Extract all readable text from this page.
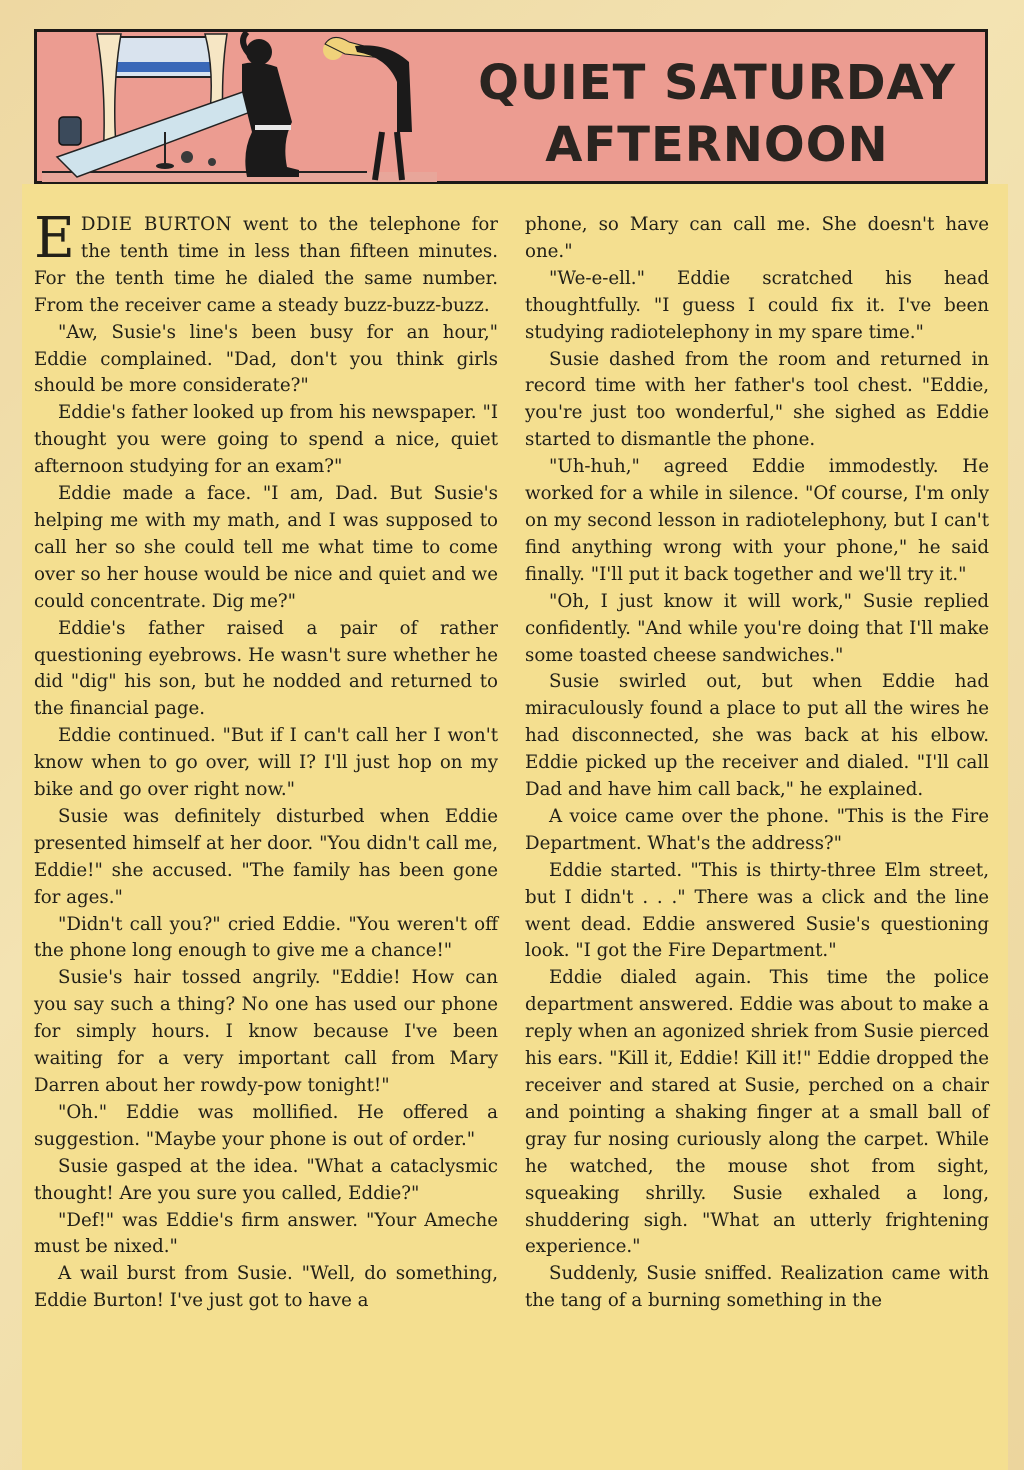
QUIET SATURDAY
AFTERNOON

EDDIE BURTON went to the telephone for the tenth time in less than fifteen minutes. For the tenth time he dialed the same number. From the receiver came a steady buzz-buzz-buzz.

"Aw, Susie's line's been busy for an hour," Eddie complained. "Dad, don't you think girls should be more considerate?"

Eddie's father looked up from his newspaper. "I thought you were going to spend a nice, quiet afternoon studying for an exam?"

Eddie made a face. "I am, Dad. But Susie's helping me with my math, and I was supposed to call her so she could tell me what time to come over so her house would be nice and quiet and we could concentrate. Dig me?"

Eddie's father raised a pair of rather questioning eyebrows. He wasn't sure whether he did "dig" his son, but he nodded and returned to the financial page.

Eddie continued. "But if I can't call her I won't know when to go over, will I? I'll just hop on my bike and go over right now."

Susie was definitely disturbed when Eddie presented himself at her door. "You didn't call me, Eddie!" she accused. "The family has been gone for ages."

"Didn't call you?" cried Eddie. "You weren't off the phone long enough to give me a chance!"

Susie's hair tossed angrily. "Eddie! How can you say such a thing? No one has used our phone for simply hours. I know because I've been waiting for a very important call from Mary Darren about her rowdy-pow tonight!"

"Oh." Eddie was mollified. He offered a suggestion. "Maybe your phone is out of order."

Susie gasped at the idea. "What a cataclysmic thought! Are you sure you called, Eddie?"

"Def!" was Eddie's firm answer. "Your Ameche must be nixed."

A wail burst from Susie. "Well, do something, Eddie Burton! I've just got to have a

phone, so Mary can call me. She doesn't have one."

"We-e-ell." Eddie scratched his head thoughtfully. "I guess I could fix it. I've been studying radiotelephony in my spare time."

Susie dashed from the room and returned in record time with her father's tool chest. "Eddie, you're just too wonderful," she sighed as Eddie started to dismantle the phone.

"Uh-huh," agreed Eddie immodestly. He worked for a while in silence. "Of course, I'm only on my second lesson in radiotelephony, but I can't find anything wrong with your phone," he said finally. "I'll put it back together and we'll try it."

"Oh, I just know it will work," Susie replied confidently. "And while you're doing that I'll make some toasted cheese sandwiches."

Susie swirled out, but when Eddie had miraculously found a place to put all the wires he had disconnected, she was back at his elbow. Eddie picked up the receiver and dialed. "I'll call Dad and have him call back," he explained.

A voice came over the phone. "This is the Fire Department. What's the address?"

Eddie started. "This is thirty-three Elm street, but I didn't . . ." There was a click and the line went dead. Eddie answered Susie's questioning look. "I got the Fire Department."

Eddie dialed again. This time the police department answered. Eddie was about to make a reply when an agonized shriek from Susie pierced his ears. "Kill it, Eddie! Kill it!" Eddie dropped the receiver and stared at Susie, perched on a chair and pointing a shaking finger at a small ball of gray fur nosing curiously along the carpet. While he watched, the mouse shot from sight, squeaking shrilly. Susie exhaled a long, shuddering sigh. "What an utterly frightening experience."

Suddenly, Susie sniffed. Realization came with the tang of a burning something in the
